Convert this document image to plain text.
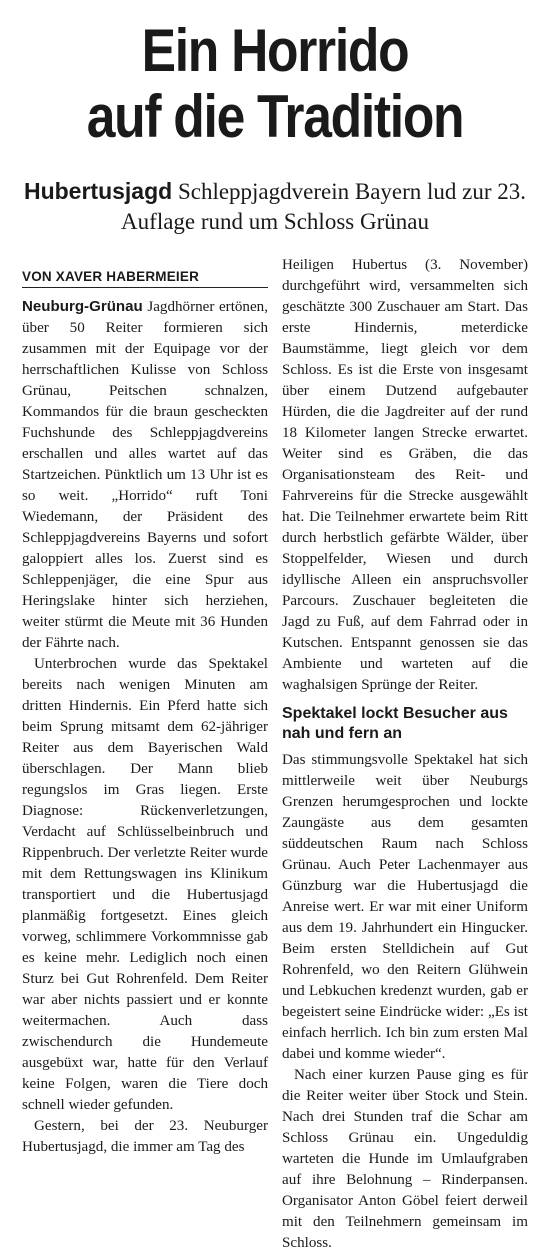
Ein Horrido
auf die Tradition
Hubertusjagd Schleppjagdverein Bayern lud zur 23. Auflage rund um Schloss Grünau
VON XAVER HABERMEIER

Neuburg-Grünau Jagdhörner ertönen, über 50 Reiter formieren sich zusammen mit der Equipage vor der herrschaftlichen Kulisse von Schloss Grünau, Peitschen schnalzen, Kommandos für die braun gescheckten Fuchshunde des Schleppjagdvereins erschallen und alles wartet auf das Startzeichen. Pünktlich um 13 Uhr ist es so weit. „Horrido“ ruft Toni Wiedemann, der Präsident des Schleppjagdvereins Bayerns und sofort galoppiert alles los. Zuerst sind es Schleppenjäger, die eine Spur aus Heringslake hinter sich herziehen, weiter stürmt die Meute mit 36 Hunden der Fährte nach.

Unterbrochen wurde das Spektakel bereits nach wenigen Minuten am dritten Hindernis. Ein Pferd hatte sich beim Sprung mitsamt dem 62-jähriger Reiter aus dem Bayerischen Wald überschlagen. Der Mann blieb regungslos im Gras liegen. Erste Diagnose: Rückenverletzungen, Verdacht auf Schlüsselbeinbruch und Rippenbruch. Der verletzte Reiter wurde mit dem Rettungswagen ins Klinikum transportiert und die Hubertusjagd planmäßig fortgesetzt. Eines gleich vorweg, schlimmere Vorkommnisse gab es keine mehr. Lediglich noch einen Sturz bei Gut Rohrenfeld. Dem Reiter war aber nichts passiert und er konnte weitermachen. Auch dass zwischendurch die Hundemeute ausgebüxt war, hatte für den Verlauf keine Folgen, waren die Tiere doch schnell wieder gefunden.

Gestern, bei der 23. Neuburger Hubertusjagd, die immer am Tag des

Heiligen Hubertus (3. November) durchgeführt wird, versammelten sich geschätzte 300 Zuschauer am Start. Das erste Hindernis, meterdicke Baumstämme, liegt gleich vor dem Schloss. Es ist die Erste von insgesamt über einem Dutzend aufgebauter Hürden, die die Jagdreiter auf der rund 18 Kilometer langen Strecke erwartet. Weiter sind es Gräben, die das Organisationsteam des Reit- und Fahrvereins für die Strecke ausgewählt hat. Die Teilnehmer erwartete beim Ritt durch herbstlich gefärbte Wälder, über Stoppelfelder, Wiesen und durch idyllische Alleen ein anspruchsvoller Parcours. Zuschauer begleiteten die Jagd zu Fuß, auf dem Fahrrad oder in Kutschen. Entspannt genossen sie das Ambiente und warteten auf die waghalsigen Sprünge der Reiter.

Spektakel lockt Besucher aus nah und fern an

Das stimmungsvolle Spektakel hat sich mittlerweile weit über Neuburgs Grenzen herumgesprochen und lockte Zaungäste aus dem gesamten süddeutschen Raum nach Schloss Grünau. Auch Peter Lachenmayer aus Günzburg war die Hubertusjagd die Anreise wert. Er war mit einer Uniform aus dem 19. Jahrhundert ein Hingucker. Beim ersten Stelldichein auf Gut Rohrenfeld, wo den Reitern Glühwein und Lebkuchen kredenzt wurden, gab er begeistert seine Eindrücke wider: „Es ist einfach herrlich. Ich bin zum ersten Mal dabei und komme wieder“.

Nach einer kurzen Pause ging es für die Reiter weiter über Stock und Stein. Nach drei Stunden traf die Schar am Schloss Grünau ein. Ungeduldig warteten die Hunde im Umlaufgraben auf ihre Belohnung – Rinderpansen. Organisator Anton Göbel feiert derweil mit den Teilnehmern gemeinsam im Schloss.
